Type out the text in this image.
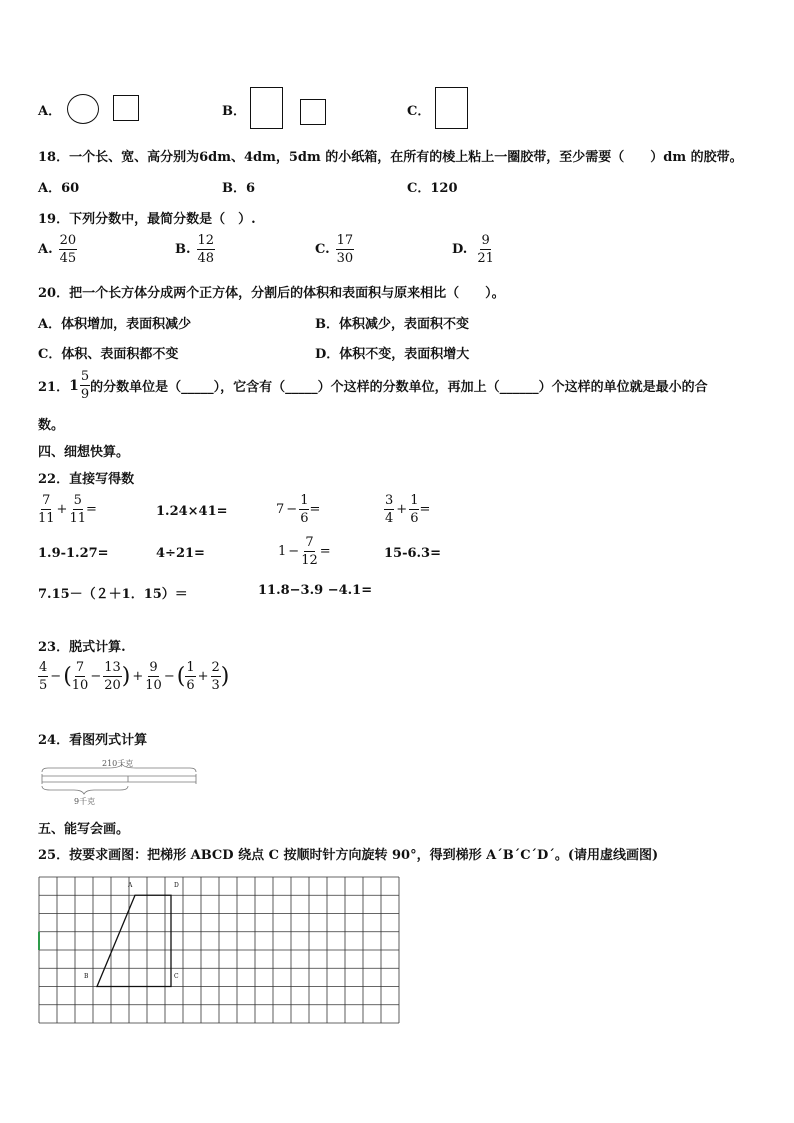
A．	B．	C．
18．一个长、宽、高分别为6dm、4dm，5dm 的小纸箱，在所有的棱上粘上一圈胶带，至少需要（　　）dm 的胶带。
A．60	B．6	C．120
19．下列分数中，最简分数是（　）.
A. $\frac{20}{45}$	B. $\frac{12}{48}$	C. $\frac{17}{30}$	D. $\frac{9}{21}$
20．把一个长方体分成两个正方体，分割后的体积和表面积与原来相比（　　）。
A．体积增加，表面积减少	B．体积减少，表面积不变
C．体积、表面积都不变	D．体积不变，表面积增大
21． $1 \frac{5}{9}$ 的分数单位是（_____），它含有（_____）个这样的分数单位，再加上（______）个这样的单位就是最小的合
数。
四、细想快算。
22．直接写得数
$\frac{7}{11} + \frac{5}{11}$ =	1.24×41=	$7 - \frac{1}{6}$ =	$\frac{3}{4} + \frac{1}{6}$ =
1.9-1.27=	4÷21=	$1 - \frac{7}{12}$ =	15-6.3=
7.15－（２＋1．15）＝	11.8−3.9 −4.1=
23．脱式计算.
$\frac{4}{5}$ − ( $\frac{7}{10} - \frac{13}{20}$ ) + $\frac{9}{10}$ − ( $\frac{1}{6} + \frac{2}{3}$ )
24．看图列式计算
210千克
9千克
五、能写会画。
25．按要求画图：把梯形 ABCD 绕点 C 按顺时针方向旋转 90°，得到梯形 A´B´C´D´。(请用虚线画图)
A	D
B	C
